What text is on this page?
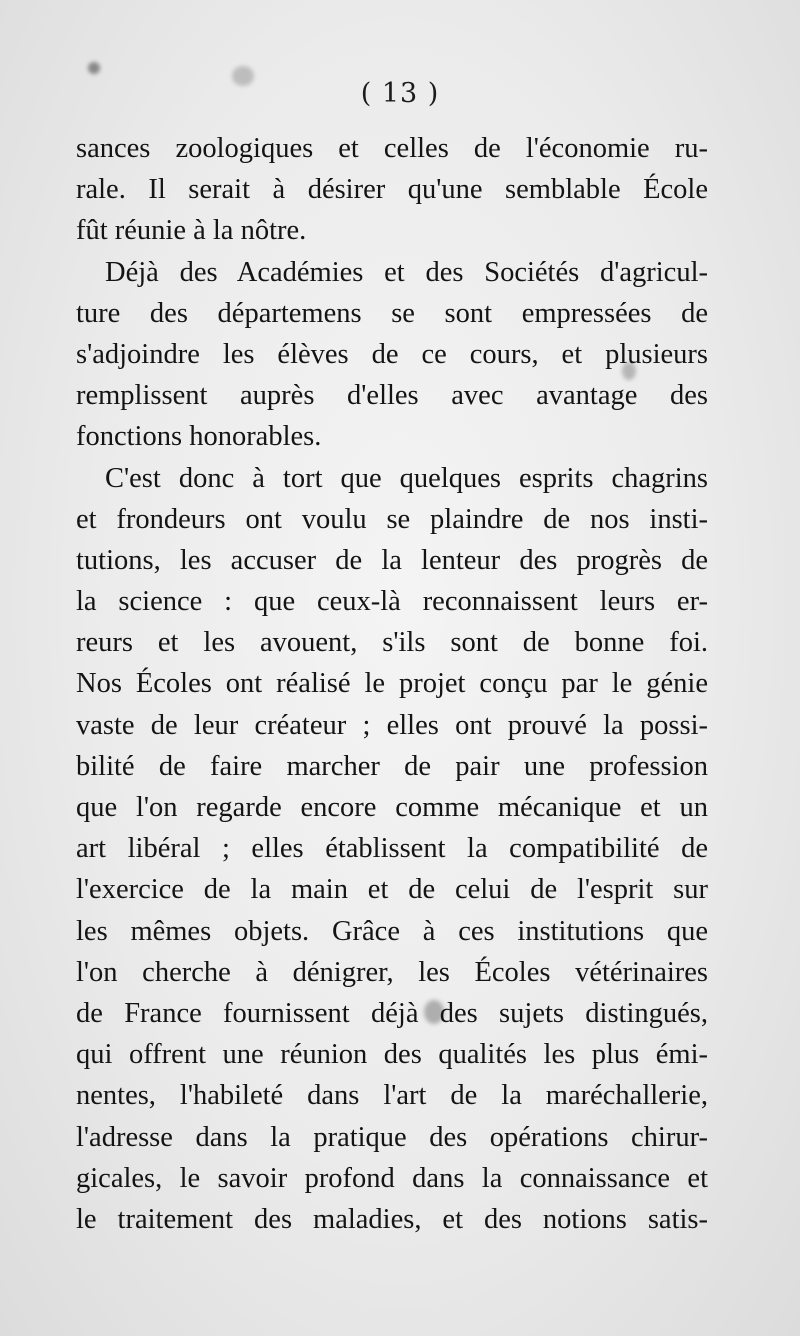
( 13 )
sances zoologiques et celles de l'économie ru-
rale. Il serait à désirer qu'une semblable École
fût réunie à la nôtre.
Déjà des Académies et des Sociétés d'agricul-
ture des départemens se sont empressées de
s'adjoindre les élèves de ce cours, et plusieurs
remplissent auprès d'elles avec avantage des
fonctions honorables.
C'est donc à tort que quelques esprits chagrins
et frondeurs ont voulu se plaindre de nos insti-
tutions, les accuser de la lenteur des progrès de
la science : que ceux-là reconnaissent leurs er-
reurs et les avouent, s'ils sont de bonne foi.
Nos Écoles ont réalisé le projet conçu par le génie
vaste de leur créateur ; elles ont prouvé la possi-
bilité de faire marcher de pair une profession
que l'on regarde encore comme mécanique et un
art libéral ; elles établissent la compatibilité de
l'exercice de la main et de celui de l'esprit sur
les mêmes objets. Grâce à ces institutions que
l'on cherche à dénigrer, les Écoles vétérinaires
de France fournissent déjà des sujets distingués,
qui offrent une réunion des qualités les plus émi-
nentes, l'habileté dans l'art de la maréchallerie,
l'adresse dans la pratique des opérations chirur-
gicales, le savoir profond dans la connaissance et
le traitement des maladies, et des notions satis-
